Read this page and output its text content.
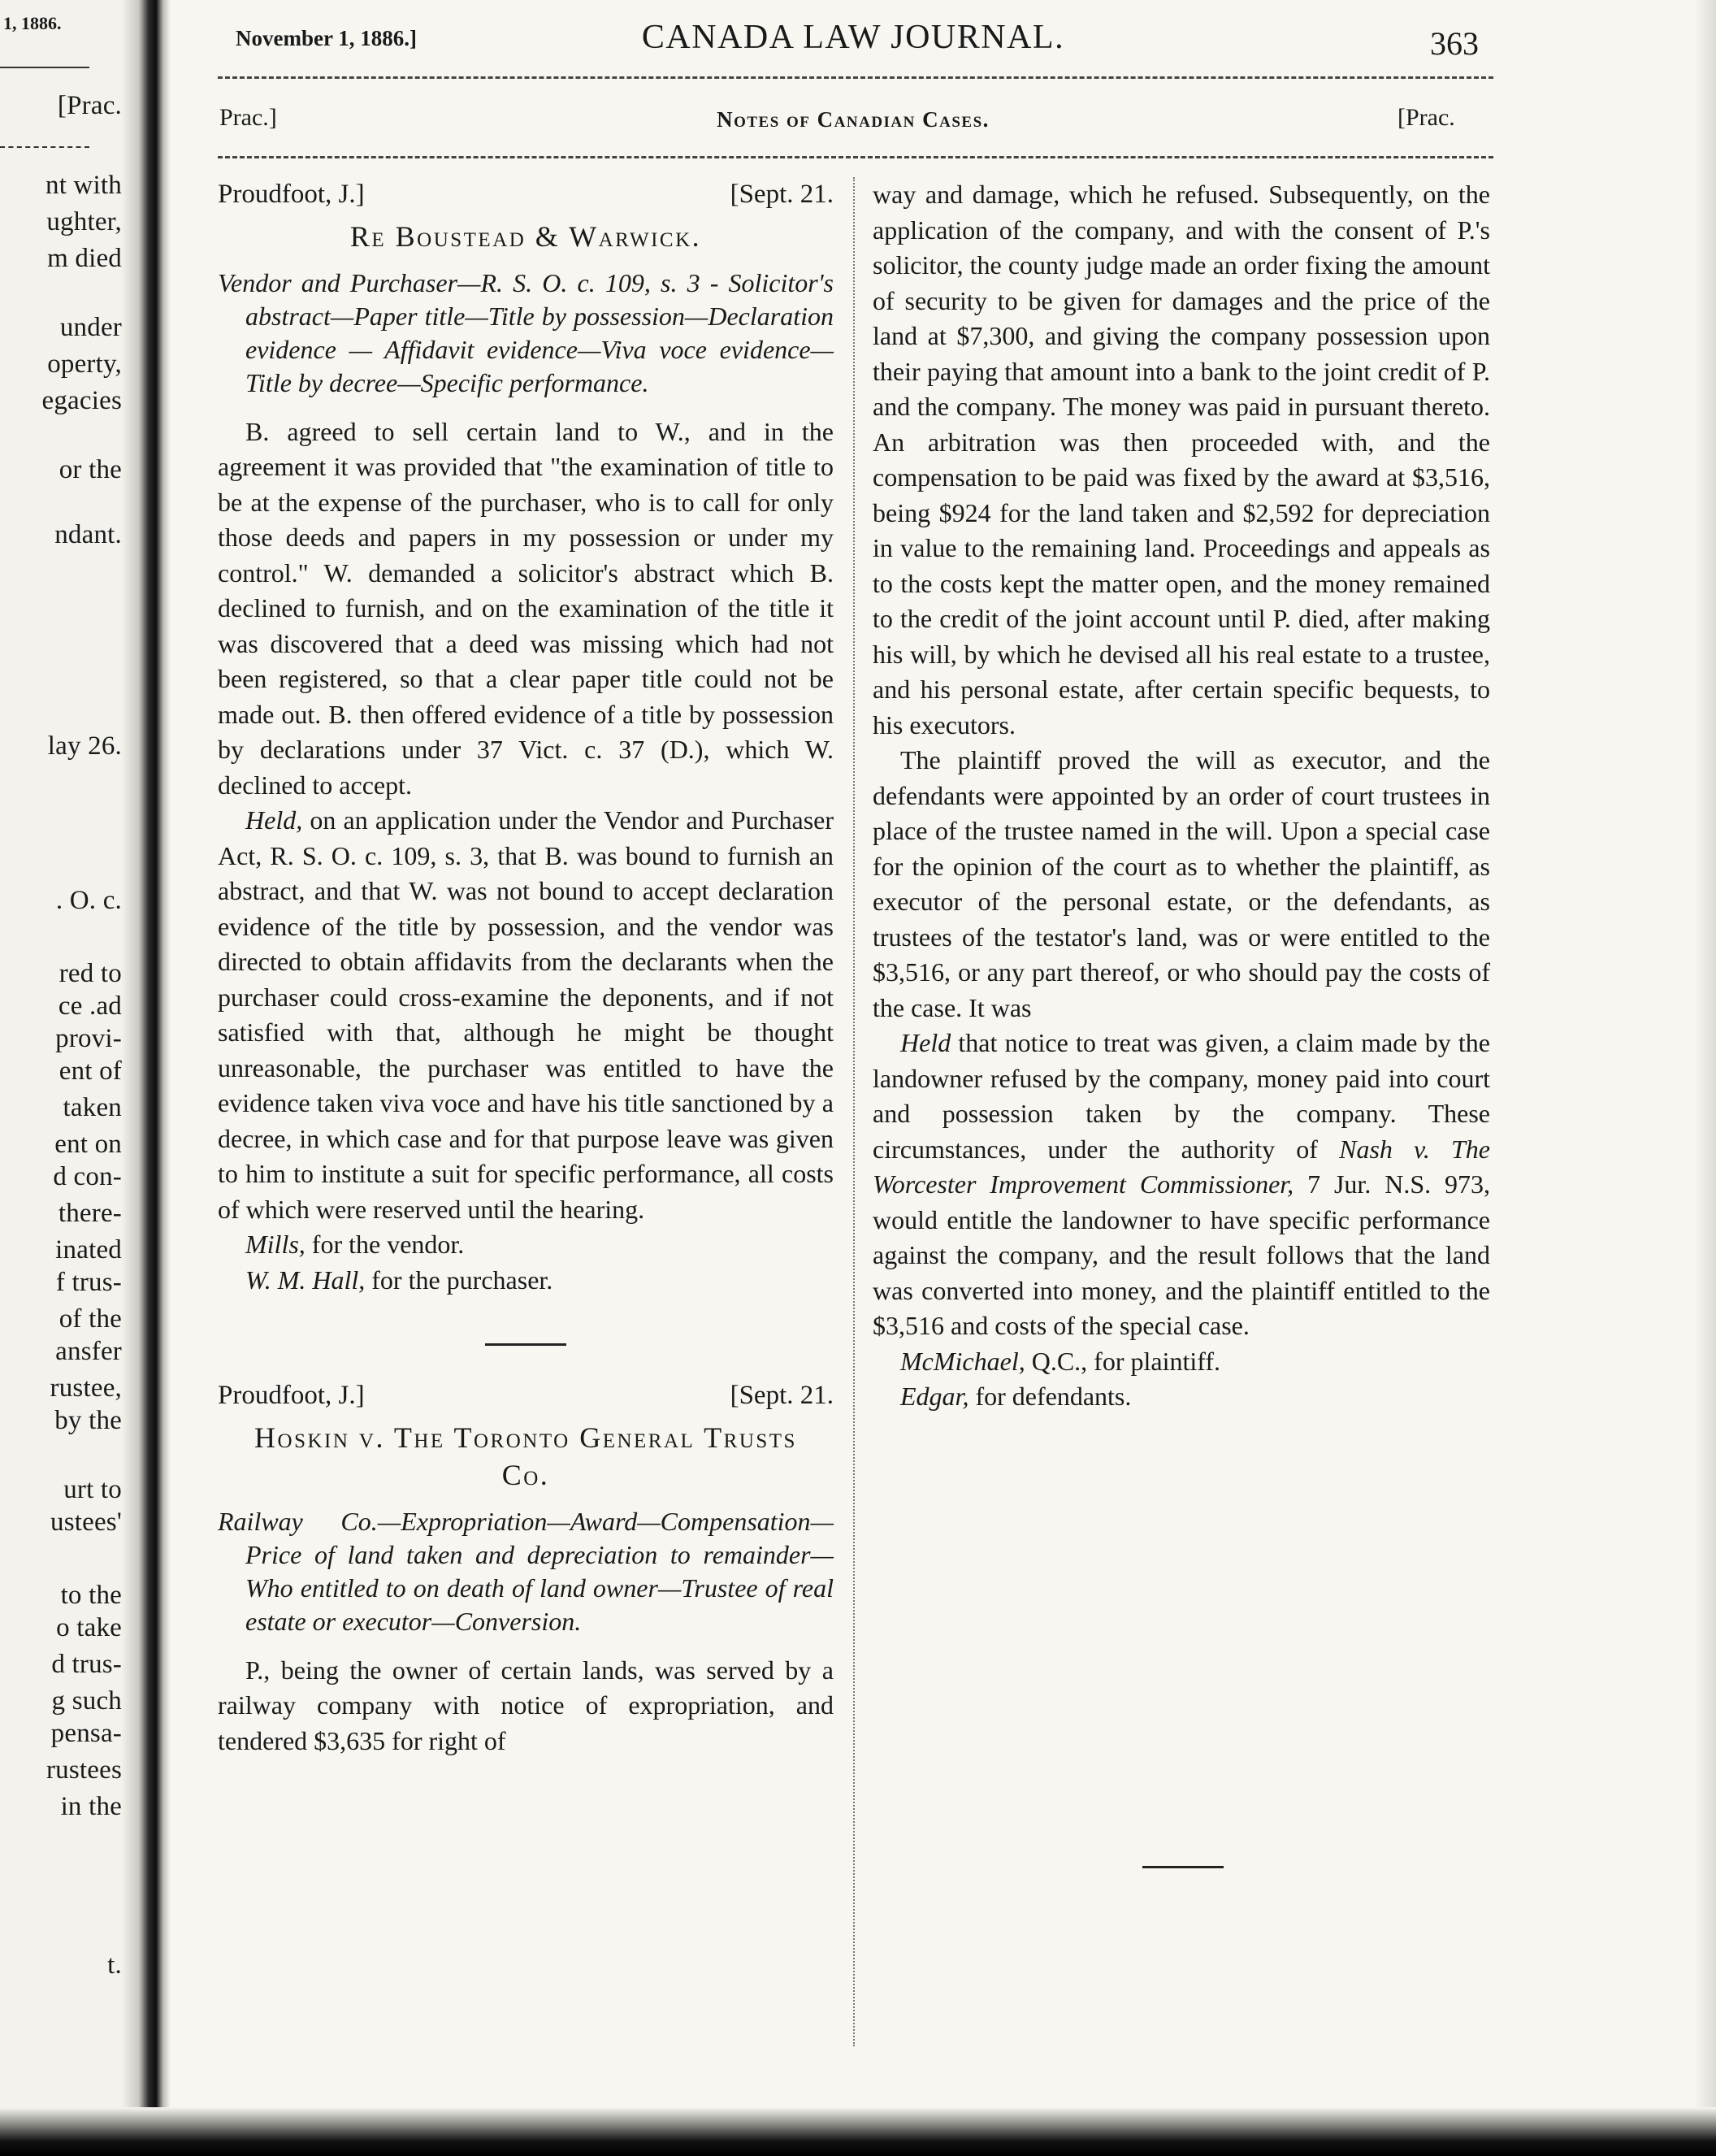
1, 1886.
[Prac.
nt with
ughter,
m died
under
operty,
egacies
or the
ndant.
lay 26.
. O. c.
red to
ce .ad
provi-
ent of
taken
ent on
d con-
there-
inated
f trus-
of the
ansfer
rustee,
by the
urt to
ustees'
to the
o take
d trus-
g such
pensa-
rustees
in the
t.
November 1, 1886.]	CANADA LAW JOURNAL.	363
Prac.]	Notes of Canadian Cases.	[Prac.
Proudfoot, J.]	[Sept. 21.
Re Boustead & Warwick.
Vendor and Purchaser—R. S. O. c. 109, s. 3 - Solicitor's abstract—Paper title—Title by possession—Declaration evidence — Affidavit evidence—Viva voce evidence—Title by decree—Specific performance.

B. agreed to sell certain land to W., and in the agreement it was provided that "the examination of title to be at the expense of the purchaser, who is to call for only those deeds and papers in my possession or under my control." W. demanded a solicitor's abstract which B. declined to furnish, and on the examination of the title it was discovered that a deed was missing which had not been registered, so that a clear paper title could not be made out. B. then offered evidence of a title by possession by declarations under 37 Vict. c. 37 (D.), which W. declined to accept.

Held, on an application under the Vendor and Purchaser Act, R. S. O. c. 109, s. 3, that B. was bound to furnish an abstract, and that W. was not bound to accept declaration evidence of the title by possession, and the vendor was directed to obtain affidavits from the declarants when the purchaser could cross-examine the deponents, and if not satisfied with that, although he might be thought unreasonable, the purchaser was entitled to have the evidence taken viva voce and have his title sanctioned by a decree, in which case and for that purpose leave was given to him to institute a suit for specific performance, all costs of which were reserved until the hearing.

Mills, for the vendor.

W. M. Hall, for the purchaser.

Proudfoot, J.]	[Sept. 21.
Hoskin v. The Toronto General Trusts Co.
Railway Co.—Expropriation—Award—Compensation—Price of land taken and depreciation to remainder—Who entitled to on death of land owner—Trustee of real estate or executor—Conversion.

P., being the owner of certain lands, was served by a railway company with notice of expropriation, and tendered $3,635 for right of

way and damage, which he refused. Subsequently, on the application of the company, and with the consent of P.'s solicitor, the county judge made an order fixing the amount of security to be given for damages and the price of the land at $7,300, and giving the company possession upon their paying that amount into a bank to the joint credit of P. and the company. The money was paid in pursuant thereto. An arbitration was then proceeded with, and the compensation to be paid was fixed by the award at $3,516, being $924 for the land taken and $2,592 for depreciation in value to the remaining land. Proceedings and appeals as to the costs kept the matter open, and the money remained to the credit of the joint account until P. died, after making his will, by which he devised all his real estate to a trustee, and his personal estate, after certain specific bequests, to his executors.

The plaintiff proved the will as executor, and the defendants were appointed by an order of court trustees in place of the trustee named in the will. Upon a special case for the opinion of the court as to whether the plaintiff, as executor of the personal estate, or the defendants, as trustees of the testator's land, was or were entitled to the $3,516, or any part thereof, or who should pay the costs of the case. It was

Held that notice to treat was given, a claim made by the landowner refused by the company, money paid into court and possession taken by the company. These circumstances, under the authority of Nash v. The Worcester Improvement Commissioner, 7 Jur. N.S. 973, would entitle the landowner to have specific performance against the company, and the result follows that the land was converted into money, and the plaintiff entitled to the $3,516 and costs of the special case.

McMichael, Q.C., for plaintiff.

Edgar, for defendants.
